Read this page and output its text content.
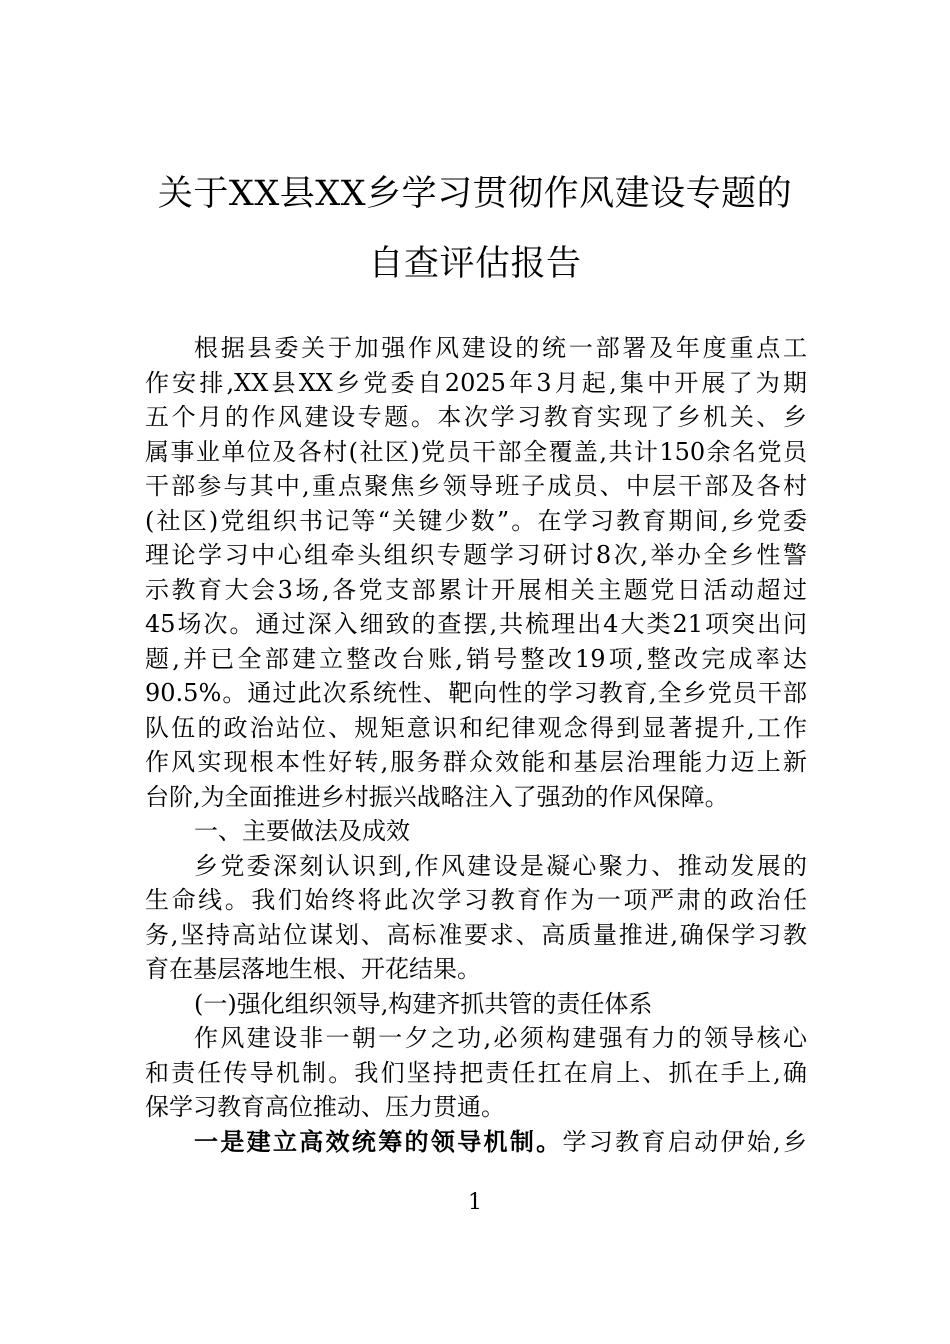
关于XX县XX乡学习贯彻作风建设专题的
自查评估报告
根据县委关于加强作风建设的统一部署及年度重点工
作安排,XX县XX乡党委自2025年3月起,集中开展了为期
五个月的作风建设专题。本次学习教育实现了乡机关、乡
属事业单位及各村(社区)党员干部全覆盖,共计150余名党员
干部参与其中,重点聚焦乡领导班子成员、中层干部及各村
(社区)党组织书记等“关键少数”。在学习教育期间,乡党委
理论学习中心组牵头组织专题学习研讨8次,举办全乡性警
示教育大会3场,各党支部累计开展相关主题党日活动超过
45场次。通过深入细致的查摆,共梳理出4大类21项突出问
题,并已全部建立整改台账,销号整改19项,整改完成率达
90.5%。通过此次系统性、靶向性的学习教育,全乡党员干部
队伍的政治站位、规矩意识和纪律观念得到显著提升,工作
作风实现根本性好转,服务群众效能和基层治理能力迈上新
台阶,为全面推进乡村振兴战略注入了强劲的作风保障。
一、主要做法及成效
乡党委深刻认识到,作风建设是凝心聚力、推动发展的
生命线。我们始终将此次学习教育作为一项严肃的政治任
务,坚持高站位谋划、高标准要求、高质量推进,确保学习教
育在基层落地生根、开花结果。
(一)强化组织领导,构建齐抓共管的责任体系
作风建设非一朝一夕之功,必须构建强有力的领导核心
和责任传导机制。我们坚持把责任扛在肩上、抓在手上,确
保学习教育高位推动、压力贯通。
一是建立高效统筹的领导机制。学习教育启动伊始,乡
1
